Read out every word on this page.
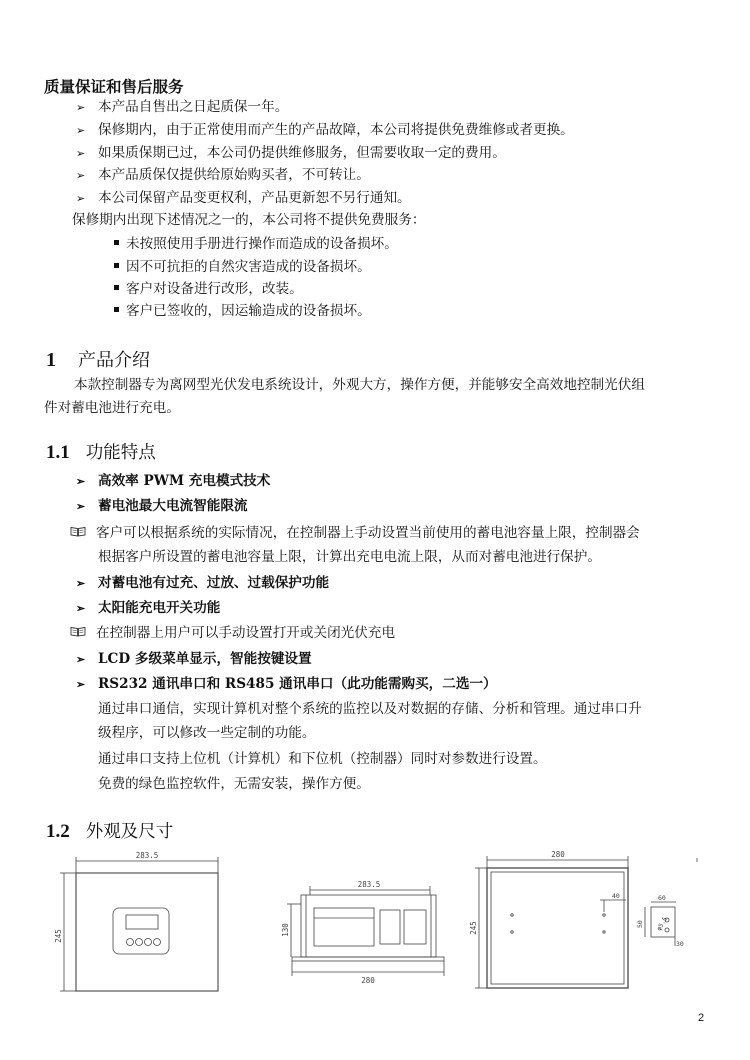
质量保证和售后服务
➢ 本产品自售出之日起质保一年。
➢ 保修期内，由于正常使用而产生的产品故障，本公司将提供免费维修或者更换。
➢ 如果质保期已过，本公司仍提供维修服务，但需要收取一定的费用。
➢ 本产品质保仅提供给原始购买者，不可转让。
➢ 本公司保留产品变更权利，产品更新恕不另行通知。
保修期内出现下述情况之一的，本公司将不提供免费服务：
未按照使用手册进行操作而造成的设备损坏。
因不可抗拒的自然灾害造成的设备损坏。
客户对设备进行改形，改装。
客户已签收的，因运输造成的设备损坏。
1 产品介绍
本款控制器专为离网型光伏发电系统设计，外观大方，操作方便，并能够安全高效地控制光伏组
件对蓄电池进行充电。
1.1 功能特点
➢ 高效率 PWM 充电模式技术
➢ 蓄电池最大电流智能限流
客户可以根据系统的实际情况，在控制器上手动设置当前使用的蓄电池容量上限，控制器会
根据客户所设置的蓄电池容量上限，计算出充电电流上限，从而对蓄电池进行保护。
➢ 对蓄电池有过充、过放、过载保护功能
➢ 太阳能充电开关功能
在控制器上用户可以手动设置打开或关闭光伏充电
➢ LCD 多级菜单显示，智能按键设置
➢ RS232 通讯串口和 RS485 通讯串口（此功能需购买，二选一）
通过串口通信，实现计算机对整个系统的监控以及对数据的存储、分析和管理。通过串口升
级程序，可以修改一些定制的功能。
通过串口支持上位机（计算机）和下位机（控制器）同时对参数进行设置。
免费的绿色监控软件，无需安装，操作方便。
1.2 外观及尺寸
283.5
245
283.5
130
280
280
245
40	60
50
30
φ5.5
2
